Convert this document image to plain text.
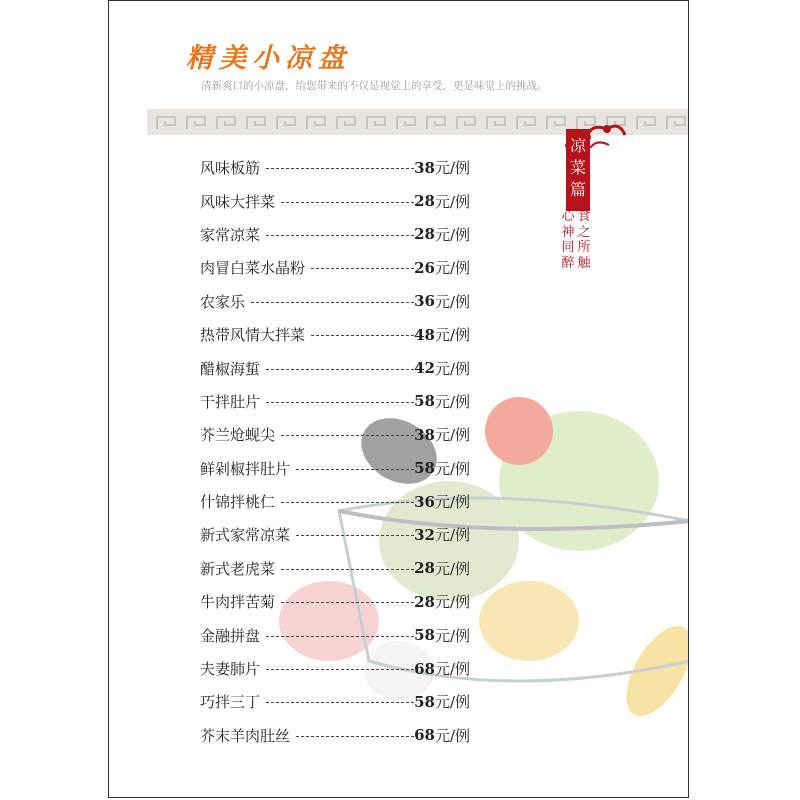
精美小凉盘
清新爽口的小凉盘，给您带来的不仅是视觉上的享受，更是味觉上的挑战。
凉菜篇
食之所触
心神同醉
风味板筋	38 元/例
风味大拌菜	28 元/例
家常凉菜	28 元/例
肉冒白菜水晶粉	26 元/例
农家乐	36 元/例
热带风情大拌菜	48 元/例
醋椒海蜇	42 元/例
干拌肚片	58 元/例
芥兰炝蚬尖	38 元/例
鲜剁椒拌肚片	58 元/例
什锦拌桃仁	36 元/例
新式家常凉菜	32 元/例
新式老虎菜	28 元/例
牛肉拌苦菊	28 元/例
金融拼盘	58 元/例
夫妻肺片	68 元/例
巧拌三丁	58 元/例
芥末羊肉肚丝	68 元/例
